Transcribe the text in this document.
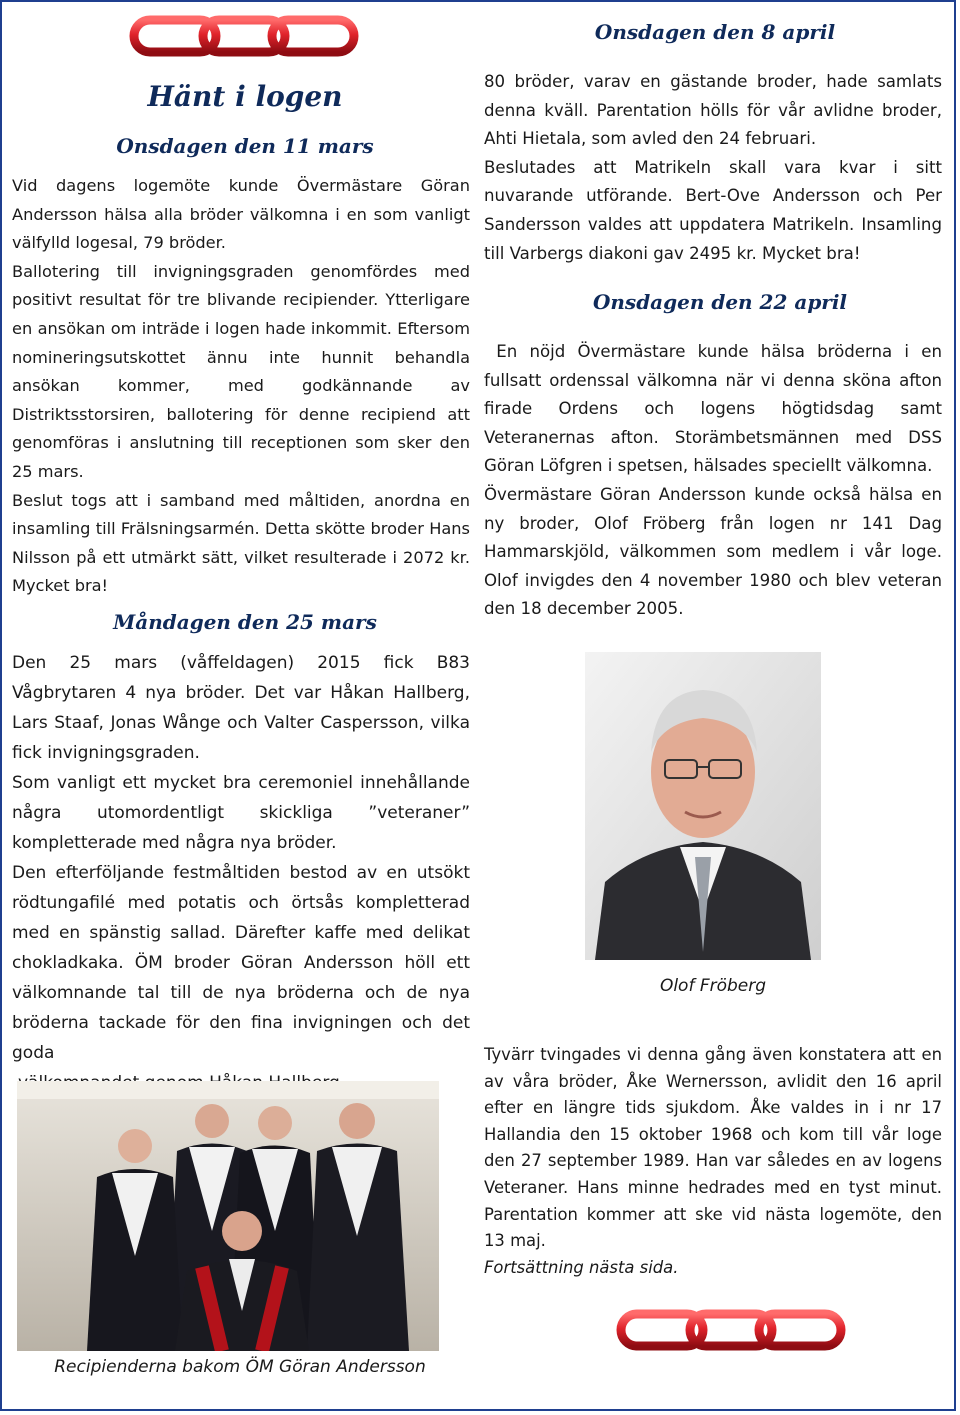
Hänt i logen
Onsdagen den 11 mars
Vid dagens logemöte kunde Övermästare Göran Andersson hälsa alla bröder välkomna i en som vanligt välfylld logesal, 79 bröder.
Ballotering till invigningsgraden genomfördes med positivt resultat för tre blivande recipiender. Ytterligare en ansökan om inträde i logen hade inkommit. Eftersom nomineringsutskottet ännu inte hunnit behandla ansökan kommer, med godkännande av Distriktsstorsiren, ballotering för denne recipiend att genomföras i anslutning till receptionen som sker den 25 mars.
Beslut togs att i samband med måltiden, anordna en insamling till Frälsningsarmén. Detta skötte broder Hans Nilsson på ett utmärkt sätt, vilket resulterade i 2072 kr. Mycket bra!
Måndagen den 25 mars
Den 25 mars (våffeldagen) 2015 fick B83 Vågbrytaren 4 nya bröder. Det var Håkan Hallberg, Lars Staaf, Jonas Wånge och Valter Caspersson, vilka fick invigningsgraden.
Som vanligt ett mycket bra ceremoniel innehållande några utomordentligt skickliga ”veteraner” kompletterade med några nya bröder.
Den efterföljande festmåltiden bestod av en utsökt rödtungafilé med potatis och örtsås kompletterad med en spänstig sallad. Därefter kaffe med delikat chokladkaka. ÖM broder Göran Andersson höll ett välkomnande tal till de nya bröderna och de nya bröderna tackade för den fina invigningen och det goda
Recipienderna bakom ÖM Göran Andersson
Onsdagen den 8 april
80 bröder, varav en gästande broder, hade samlats denna kväll. Parentation hölls för vår avlidne broder, Ahti Hietala, som avled den 24 februari.
Beslutades att Matrikeln skall vara kvar i sitt nuvarande utförande. Bert-Ove Andersson och Per Sandersson valdes att uppdatera Matrikeln. Insamling till Varbergs diakoni gav 2495 kr. Mycket bra!
Onsdagen den 22 april
En nöjd Övermästare kunde hälsa bröderna i en fullsatt ordenssal välkomna när vi denna sköna afton firade Ordens och logens högtidsdag samt Veteranernas afton. Storämbetsmännen med DSS Göran Löfgren i spetsen, hälsades speciellt välkomna.
Övermästare Göran Andersson kunde också hälsa en ny broder, Olof Fröberg från logen nr 141 Dag Hammarskjöld, välkommen som medlem i vår loge. Olof invigdes den 4 november 1980 och blev veteran den 18 december 2005.
Olof Fröberg
Tyvärr tvingades vi denna gång även konstatera att en av våra bröder, Åke Wernersson, avlidit den 16 april efter en längre tids sjukdom. Åke valdes in i nr 17 Hallandia den 15 oktober 1968 och kom till vår loge den 27 september 1989. Han var således en av logens Veteraner. Hans minne hedrades med en tyst minut. Parentation kommer att ske vid nästa logemöte, den 13 maj.
Fortsättning nästa sida.
